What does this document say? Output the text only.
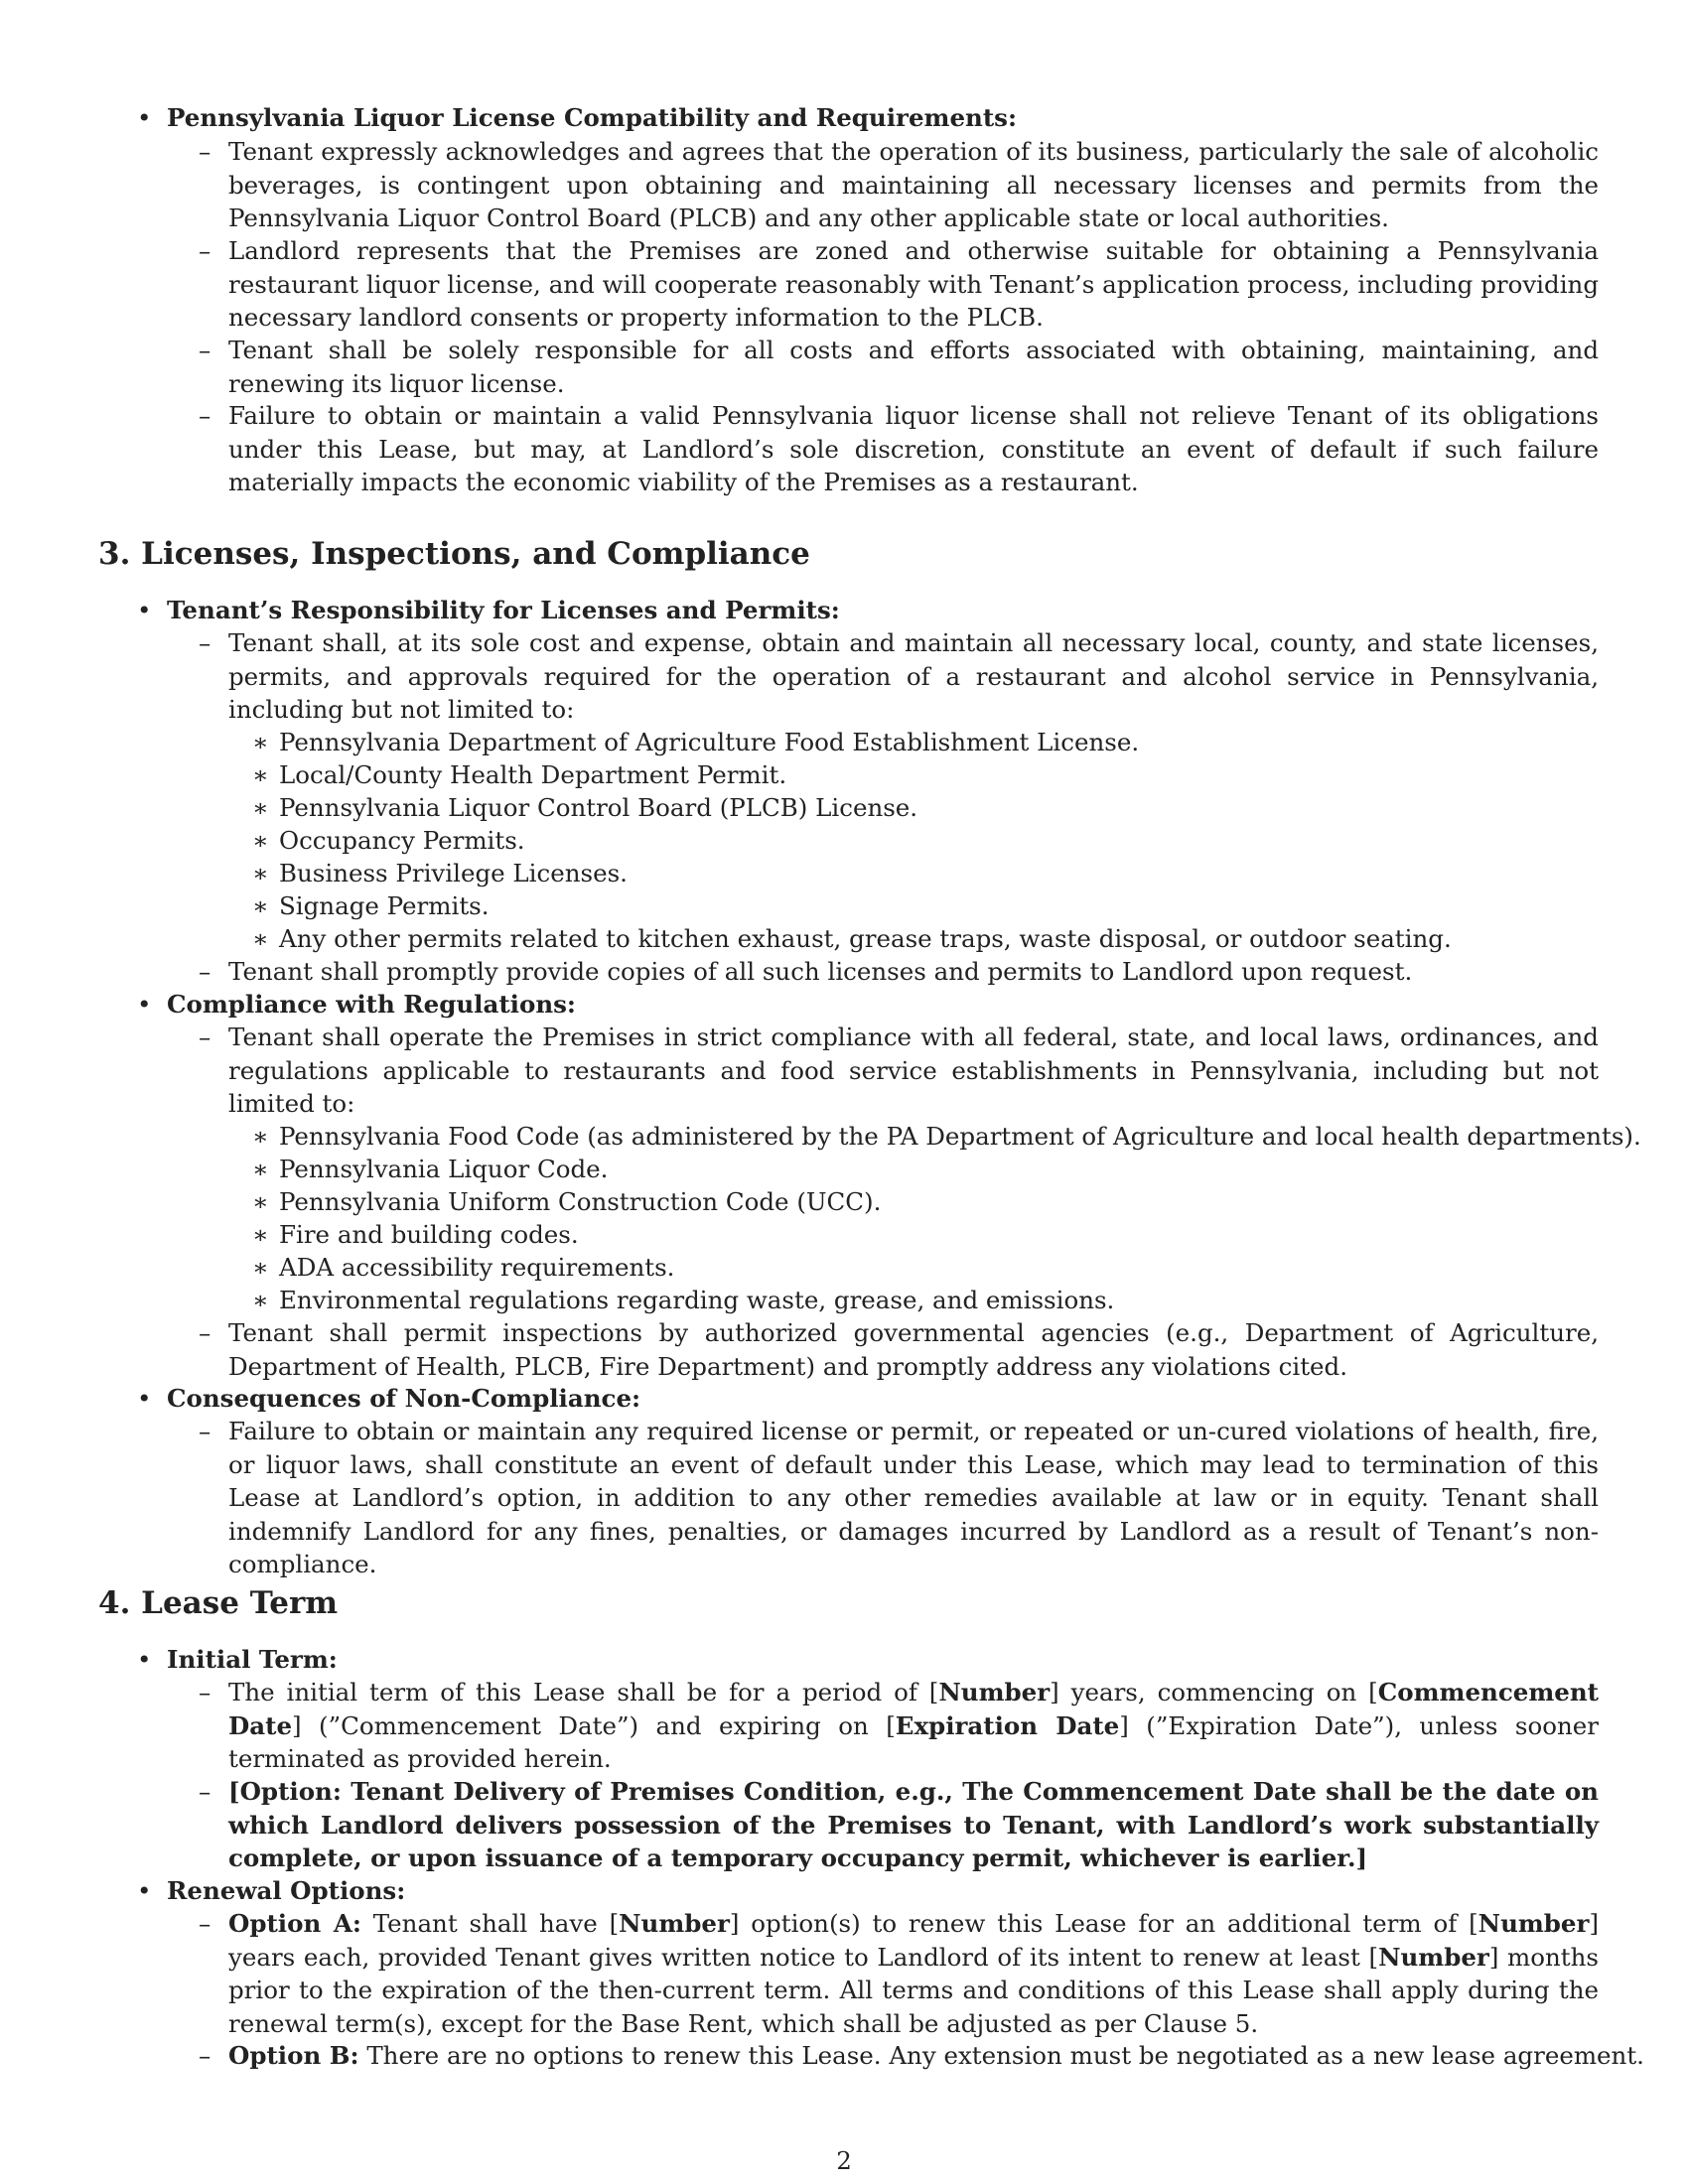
• Pennsylvania Liquor License Compatibility and Requirements:
– Tenant expressly acknowledges and agrees that the operation of its business, particularly the sale of alcoholic beverages, is contingent upon obtaining and maintaining all necessary licenses and permits from the Pennsylvania Liquor Control Board (PLCB) and any other applicable state or local authorities.
– Landlord represents that the Premises are zoned and otherwise suitable for obtaining a Pennsylvania restaurant liquor license, and will cooperate reasonably with Tenant’s application process, including providing necessary landlord consents or property information to the PLCB.
– Tenant shall be solely responsible for all costs and efforts associated with obtaining, maintaining, and renewing its liquor license.
– Failure to obtain or maintain a valid Pennsylvania liquor license shall not relieve Tenant of its obligations under this Lease, but may, at Landlord’s sole discretion, constitute an event of default if such failure materially impacts the economic viability of the Premises as a restaurant.
3. Licenses, Inspections, and Compliance
• Tenant’s Responsibility for Licenses and Permits:
– Tenant shall, at its sole cost and expense, obtain and maintain all necessary local, county, and state licenses, permits, and approvals required for the operation of a restaurant and alcohol service in Pennsylvania, including but not limited to:
∗ Pennsylvania Department of Agriculture Food Establishment License.
∗ Local/County Health Department Permit.
∗ Pennsylvania Liquor Control Board (PLCB) License.
∗ Occupancy Permits.
∗ Business Privilege Licenses.
∗ Signage Permits.
∗ Any other permits related to kitchen exhaust, grease traps, waste disposal, or outdoor seating.
– Tenant shall promptly provide copies of all such licenses and permits to Landlord upon request.
• Compliance with Regulations:
– Tenant shall operate the Premises in strict compliance with all federal, state, and local laws, ordinances, and regulations applicable to restaurants and food service establishments in Pennsylvania, including but not limited to:
∗ Pennsylvania Food Code (as administered by the PA Department of Agriculture and local health departments).
∗ Pennsylvania Liquor Code.
∗ Pennsylvania Uniform Construction Code (UCC).
∗ Fire and building codes.
∗ ADA accessibility requirements.
∗ Environmental regulations regarding waste, grease, and emissions.
– Tenant shall permit inspections by authorized governmental agencies (e.g., Department of Agriculture, Department of Health, PLCB, Fire Department) and promptly address any violations cited.
• Consequences of Non-Compliance:
– Failure to obtain or maintain any required license or permit, or repeated or un-cured violations of health, fire, or liquor laws, shall constitute an event of default under this Lease, which may lead to termination of this Lease at Landlord’s option, in addition to any other remedies available at law or in equity. Tenant shall indemnify Landlord for any fines, penalties, or damages incurred by Landlord as a result of Tenant’s non-compliance.
4. Lease Term
• Initial Term:
– The initial term of this Lease shall be for a period of [Number] years, commencing on [Commencement Date] (”Commencement Date”) and expiring on [Expiration Date] (”Expiration Date”), unless sooner terminated as provided herein.
– [Option: Tenant Delivery of Premises Condition, e.g., The Commencement Date shall be the date on which Landlord delivers possession of the Premises to Tenant, with Landlord’s work substantially complete, or upon issuance of a temporary occupancy permit, whichever is earlier.]
• Renewal Options:
– Option A: Tenant shall have [Number] option(s) to renew this Lease for an additional term of [Number] years each, provided Tenant gives written notice to Landlord of its intent to renew at least [Number] months prior to the expiration of the then-current term. All terms and conditions of this Lease shall apply during the renewal term(s), except for the Base Rent, which shall be adjusted as per Clause 5.
– Option B: There are no options to renew this Lease. Any extension must be negotiated as a new lease agreement.
2
